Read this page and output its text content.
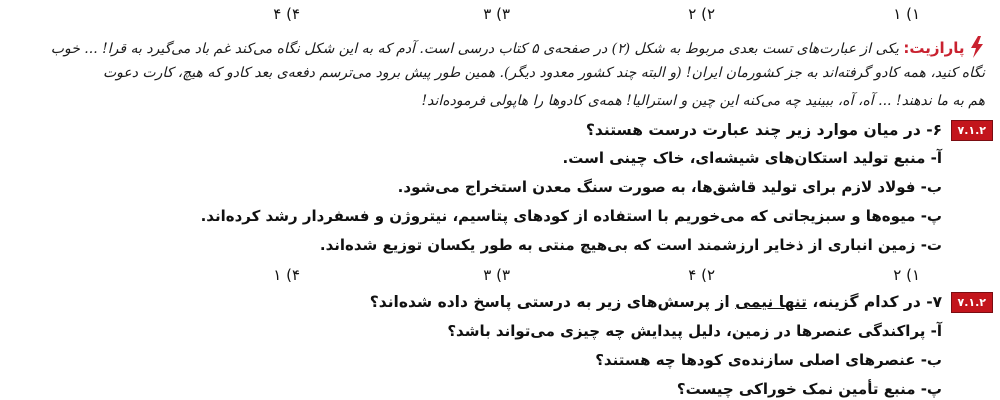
۱) ۱
۲) ۲
۳) ۳
۴) ۴
پارازیت: یکی از عبارت‌های تست بعدی مربوط به شکل (۲) در صفحه‌ی ۵ کتاب درسی است. آدم که به این شکل نگاه می‌کند غم باد می‌گیرد به قرا! ... خوب
نگاه کنید، همه کادو گرفته‌اند به جز کشورمان ایران! (و البته چند کشور معدود دیگر). همین طور پیش برود می‌ترسم دفعه‌ی بعد کادو که هیچ، کارت دعوت
هم به ما ندهند! ... آه، آه، ببینید چه می‌کنه این چین و استرالیا! همه‌ی کادوها را هاپولی فرموده‌اند!
۷.۱.۲ ۶- در میان موارد زیر چند عبارت درست هستند؟
آ- منبع تولید استکان‌های شیشه‌ای، خاک چینی است.
ب- فولاد لازم برای تولید قاشق‌ها، به صورت سنگ معدن استخراج می‌شود.
پ- میوه‌ها و سبزیجاتی که می‌خوریم با استفاده از کودهای پتاسیم، نیتروژن و فسفردار رشد کرده‌اند.
ت- زمین انباری از ذخایر ارزشمند است که بی‌هیچ منتی به طور یکسان توزیع شده‌اند.
۱) ۲
۲) ۴
۳) ۳
۴) ۱
۷.۱.۲ ۷- در کدام گزینه، تنها نیمی از پرسش‌های زیر به درستی پاسخ داده شده‌اند؟
آ- پراکندگی عنصرها در زمین، دلیل پیدایش چه چیزی می‌تواند باشد؟
ب- عنصرهای اصلی سازنده‌ی کودها چه هستند؟
پ- منبع تأمین نمک خوراکی چیست؟
